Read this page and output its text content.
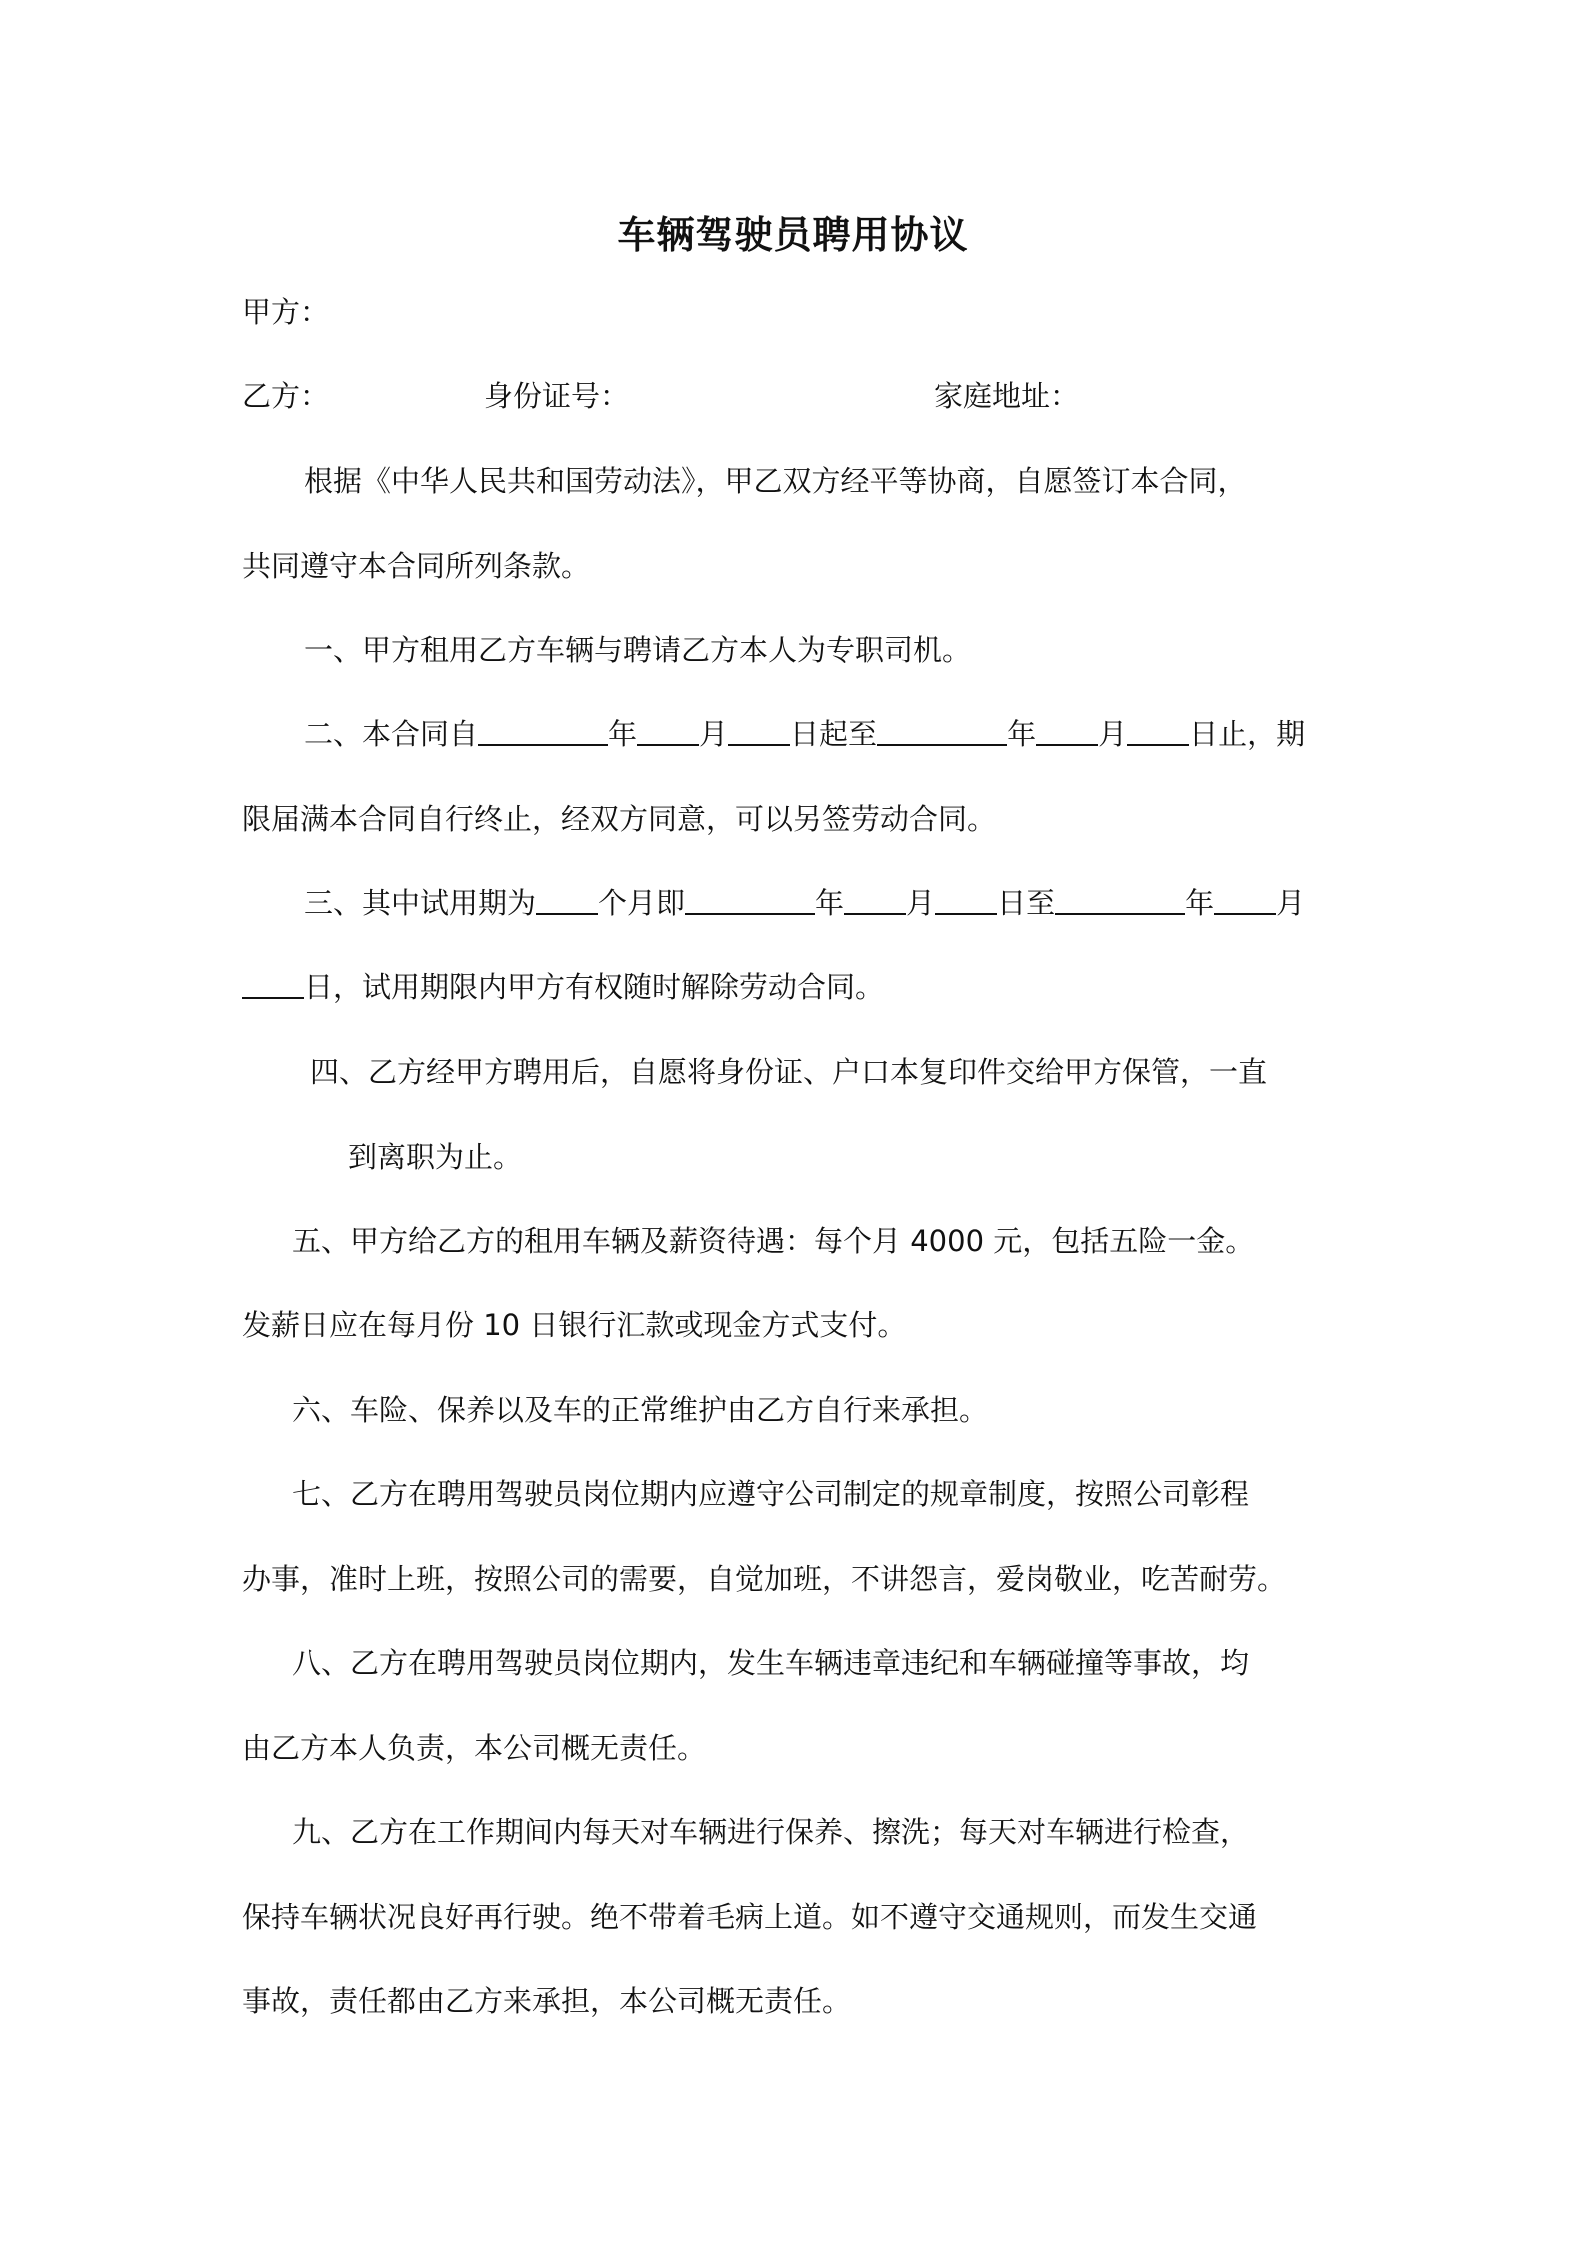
车辆驾驶员聘用协议
甲方：
乙方：	身份证号：	家庭地址：
根据《中华人民共和国劳动法》，甲乙双方经平等协商，自愿签订本合同，
共同遵守本合同所列条款。
一、甲方租用乙方车辆与聘请乙方本人为专职司机。
二、本合同自	年 月 日起至	年 月 日止，期
限届满本合同自行终止，经双方同意，可以另签劳动合同。
三、其中试用期为 个月即	年 月 日至	年 月
日，试用期限内甲方有权随时解除劳动合同。
四、乙方经甲方聘用后，自愿将身份证、户口本复印件交给甲方保管，一直
到离职为止。
五、甲方给乙方的租用车辆及薪资待遇：每个月 4000 元，包括五险一金。
发薪日应在每月份 10 日银行汇款或现金方式支付。
六、车险、保养以及车的正常维护由乙方自行来承担。
七、乙方在聘用驾驶员岗位期内应遵守公司制定的规章制度，按照公司彰程
办事，准时上班，按照公司的需要，自觉加班，不讲怨言，爱岗敬业，吃苦耐劳。
八、乙方在聘用驾驶员岗位期内，发生车辆违章违纪和车辆碰撞等事故，均
由乙方本人负责，本公司概无责任。
九、乙方在工作期间内每天对车辆进行保养、擦洗；每天对车辆进行检查，
保持车辆状况良好再行驶。绝不带着毛病上道。如不遵守交通规则，而发生交通
事故，责任都由乙方来承担，本公司概无责任。
